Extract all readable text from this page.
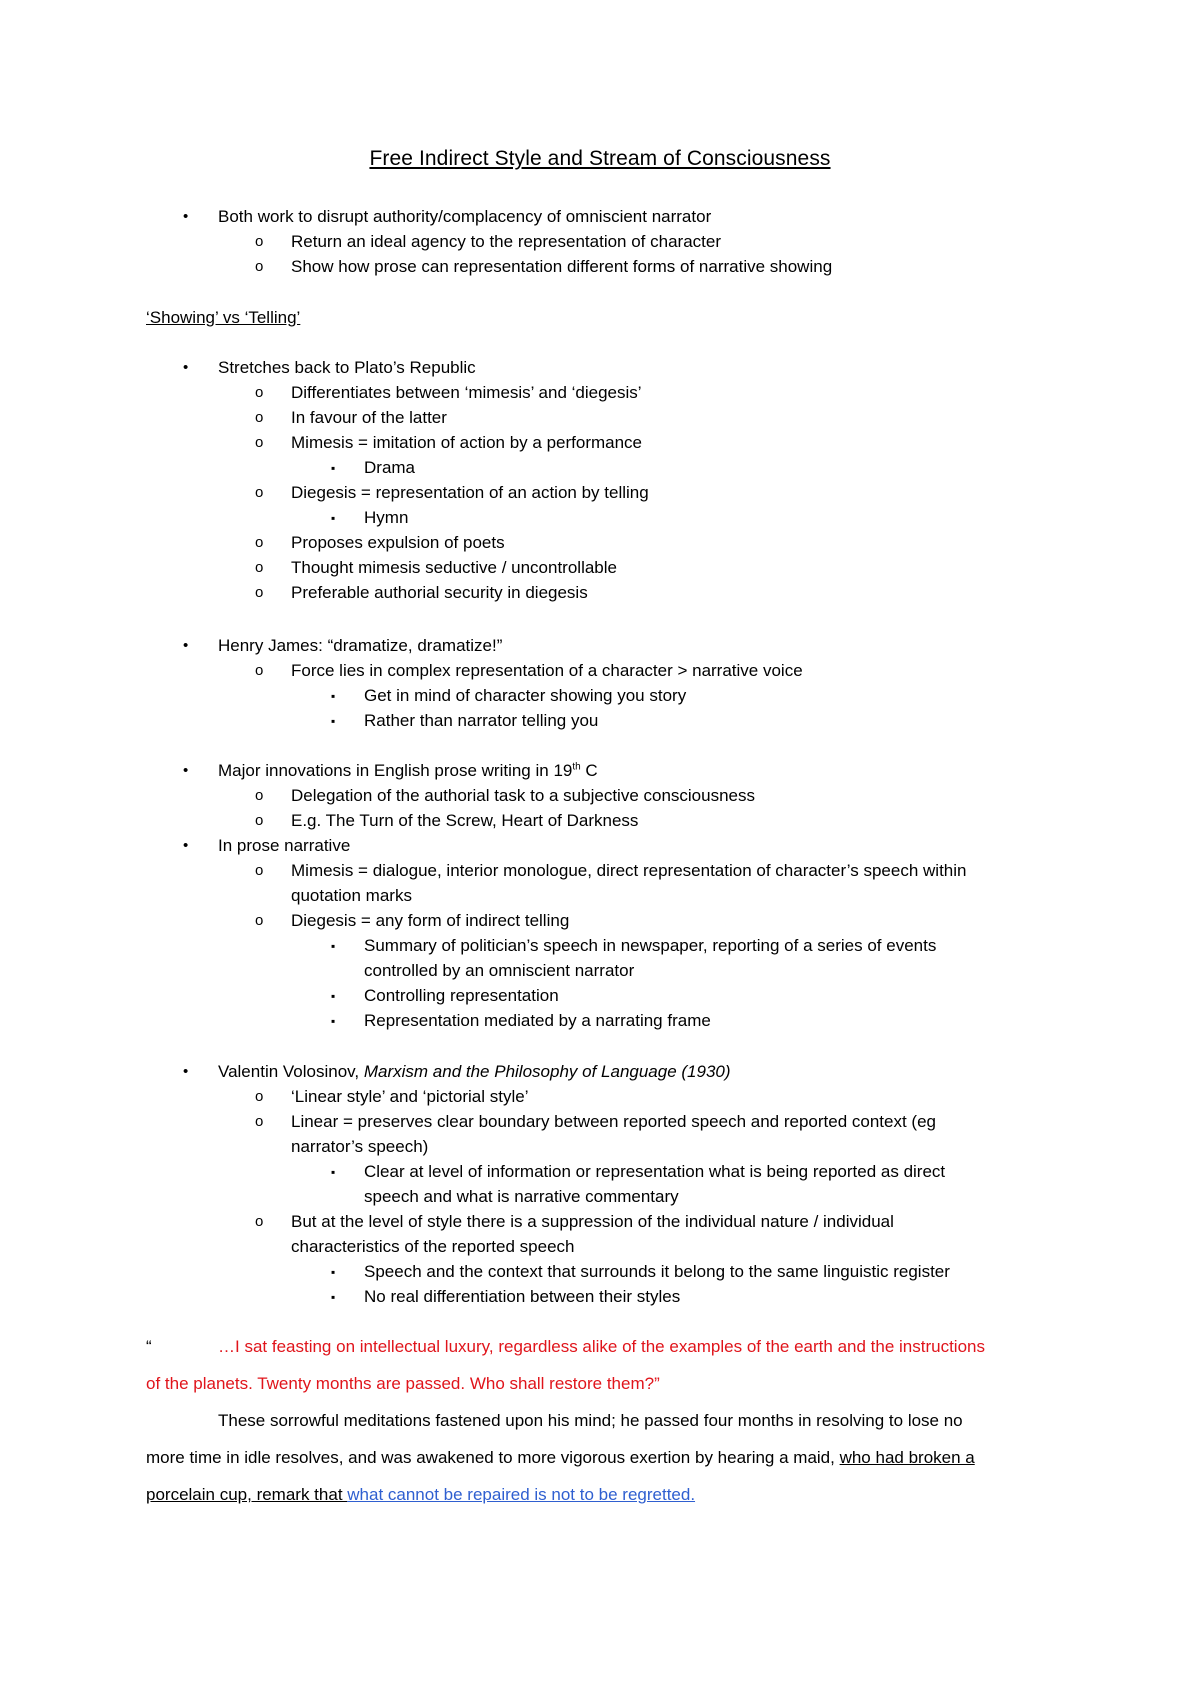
Free Indirect Style and Stream of Consciousness
• Both work to disrupt authority/complacency of omniscient narrator
o Return an ideal agency to the representation of character
o Show how prose can representation different forms of narrative showing
‘Showing’ vs ‘Telling’
• Stretches back to Plato’s Republic
o Differentiates between ‘mimesis’ and ‘diegesis’
o In favour of the latter
o Mimesis = imitation of action by a performance
▪ Drama
o Diegesis = representation of an action by telling
▪ Hymn
o Proposes expulsion of poets
o Thought mimesis seductive / uncontrollable
o Preferable authorial security in diegesis
• Henry James: “dramatize, dramatize!”
o Force lies in complex representation of a character > narrative voice
▪ Get in mind of character showing you story
▪ Rather than narrator telling you
• Major innovations in English prose writing in 19th C
o Delegation of the authorial task to a subjective consciousness
o E.g. The Turn of the Screw, Heart of Darkness
• In prose narrative
o Mimesis = dialogue, interior monologue, direct representation of character’s speech within
quotation marks
o Diegesis = any form of indirect telling
▪ Summary of politician’s speech in newspaper, reporting of a series of events
controlled by an omniscient narrator
▪ Controlling representation
▪ Representation mediated by a narrating frame
• Valentin Volosinov, Marxism and the Philosophy of Language (1930)
o ‘Linear style’ and ‘pictorial style’
o Linear = preserves clear boundary between reported speech and reported context (eg
narrator’s speech)
▪ Clear at level of information or representation what is being reported as direct
speech and what is narrative commentary
o But at the level of style there is a suppression of the individual nature / individual
characteristics of the reported speech
▪ Speech and the context that surrounds it belong to the same linguistic register
▪ No real differentiation between their styles
“	…I sat feasting on intellectual luxury, regardless alike of the examples of the earth and the instructions
of the planets. Twenty months are passed. Who shall restore them?”
These sorrowful meditations fastened upon his mind; he passed four months in resolving to lose no
more time in idle resolves, and was awakened to more vigorous exertion by hearing a maid, who had broken a
porcelain cup, remark that what cannot be repaired is not to be regretted.
